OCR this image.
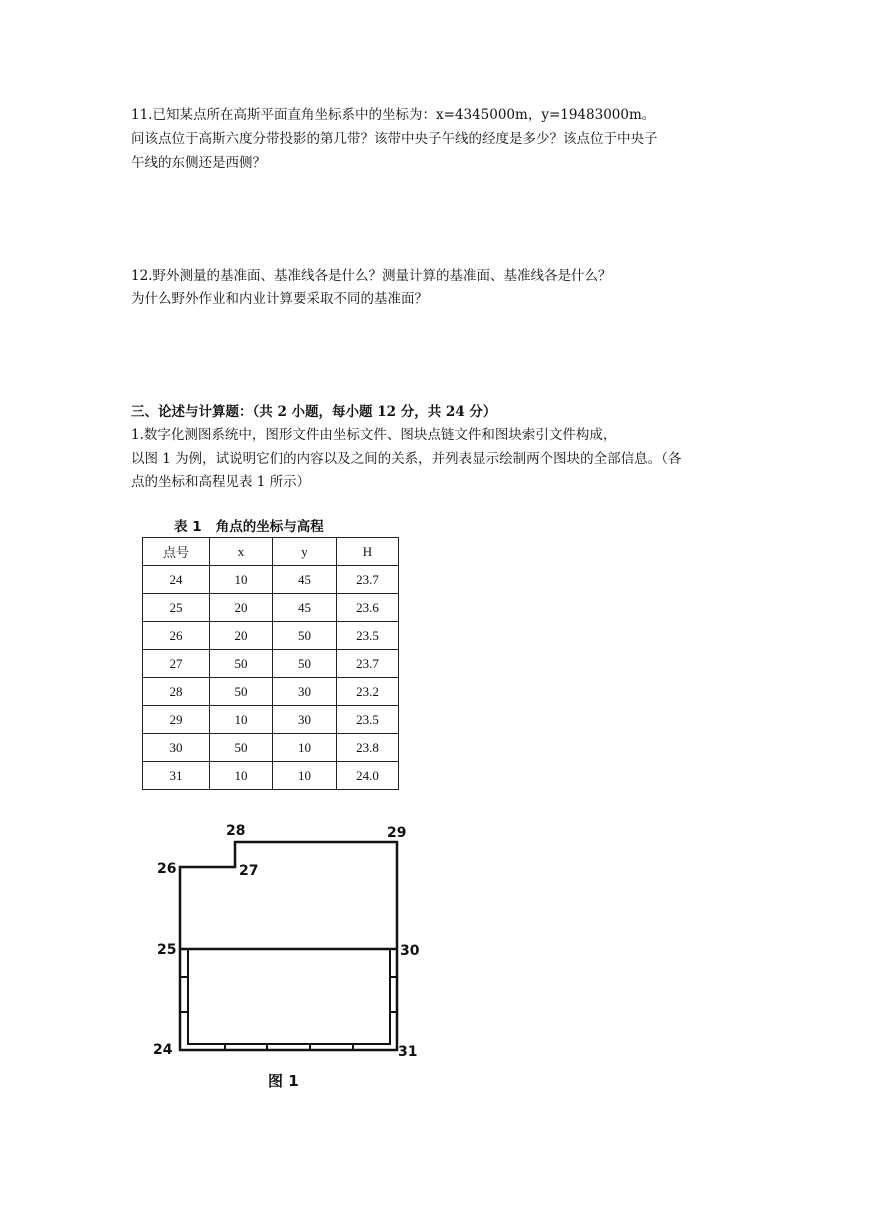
11.已知某点所在高斯平面直角坐标系中的坐标为：x=4345000m，y=19483000m。
问该点位于高斯六度分带投影的第几带？该带中央子午线的经度是多少？该点位于中央子
午线的东侧还是西侧？
12.野外测量的基准面、基准线各是什么？测量计算的基准面、基准线各是什么？
为什么野外作业和内业计算要采取不同的基准面？
三、论述与计算题：（共 2 小题，每小题 12 分，共 24 分）
1.数字化测图系统中，图形文件由坐标文件、图块点链文件和图块索引文件构成，
以图 1 为例，试说明它们的内容以及之间的关系，并列表显示绘制两个图块的全部信息。（各
点的坐标和高程见表 1 所示）
表 1   角点的坐标与高程
点号	x	y	H
24	10	45	23.7
25	20	45	23.6
26	20	50	23.5
27	50	50	23.7
28	50	30	23.2
29	10	30	23.5
30	50	10	23.8
31	10	10	24.0
28	29
26	27
25	30
24	31
图 1
